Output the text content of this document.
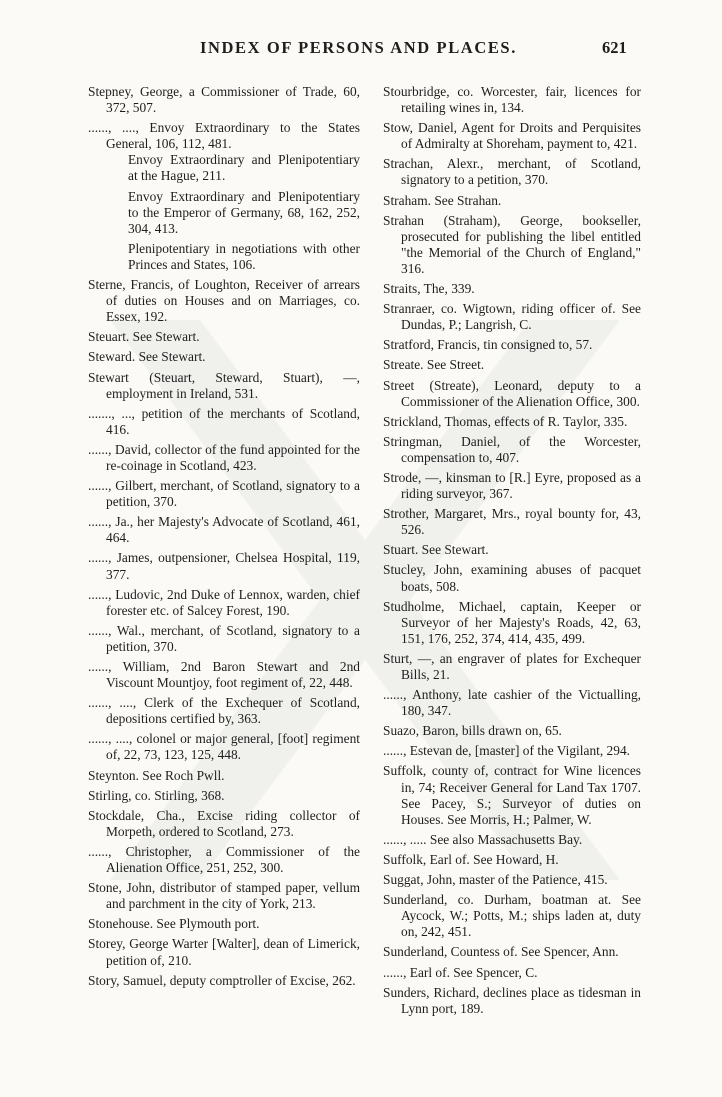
INDEX OF PERSONS AND PLACES.	621

Stepney, George, a Commissioner of Trade, 60, 372, 507.

......, ...., Envoy Extraordinary to the States General, 106, 112, 481.

Envoy Extraordinary and Plenipotentiary at the Hague, 211.

Envoy Extraordinary and Plenipotentiary to the Emperor of Germany, 68, 162, 252, 304, 413.

Plenipotentiary in negotiations with other Princes and States, 106.

Sterne, Francis, of Loughton, Receiver of arrears of duties on Houses and on Marriages, co. Essex, 192.

Steuart. See Stewart.

Steward. See Stewart.

Stewart (Steuart, Steward, Stuart), —, employment in Ireland, 531.

......., ..., petition of the merchants of Scotland, 416.

......, David, collector of the fund appointed for the re-coinage in Scotland, 423.

......, Gilbert, merchant, of Scotland, signatory to a petition, 370.

......, Ja., her Majesty's Advocate of Scotland, 461, 464.

......, James, outpensioner, Chelsea Hospital, 119, 377.

......, Ludovic, 2nd Duke of Lennox, warden, chief forester etc. of Salcey Forest, 190.

......, Wal., merchant, of Scotland, signatory to a petition, 370.

......, William, 2nd Baron Stewart and 2nd Viscount Mountjoy, foot regiment of, 22, 448.

......, ...., Clerk of the Exchequer of Scotland, depositions certified by, 363.

......, ...., colonel or major general, [foot] regiment of, 22, 73, 123, 125, 448.

Steynton. See Roch Pwll.

Stirling, co. Stirling, 368.

Stockdale, Cha., Excise riding collector of Morpeth, ordered to Scotland, 273.

......, Christopher, a Commissioner of the Alienation Office, 251, 252, 300.

Stone, John, distributor of stamped paper, vellum and parchment in the city of York, 213.

Stonehouse. See Plymouth port.

Storey, George Warter [Walter], dean of Limerick, petition of, 210.

Story, Samuel, deputy comptroller of Excise, 262.

Stourbridge, co. Worcester, fair, licences for retailing wines in, 134.

Stow, Daniel, Agent for Droits and Perquisites of Admiralty at Shoreham, payment to, 421.

Strachan, Alexr., merchant, of Scotland, signatory to a petition, 370.

Straham. See Strahan.

Strahan (Straham), George, bookseller, prosecuted for publishing the libel entitled "the Memorial of the Church of England," 316.

Straits, The, 339.

Stranraer, co. Wigtown, riding officer of. See Dundas, P.; Langrish, C.

Stratford, Francis, tin consigned to, 57.

Streate. See Street.

Street (Streate), Leonard, deputy to a Commissioner of the Alienation Office, 300.

Strickland, Thomas, effects of R. Taylor, 335.

Stringman, Daniel, of the Worcester, compensation to, 407.

Strode, —, kinsman to [R.] Eyre, proposed as a riding surveyor, 367.

Strother, Margaret, Mrs., royal bounty for, 43, 526.

Stuart. See Stewart.

Stucley, John, examining abuses of pacquet boats, 508.

Studholme, Michael, captain, Keeper or Surveyor of her Majesty's Roads, 42, 63, 151, 176, 252, 374, 414, 435, 499.

Sturt, —, an engraver of plates for Exchequer Bills, 21.

......, Anthony, late cashier of the Victualling, 180, 347.

Suazo, Baron, bills drawn on, 65.

......, Estevan de, [master] of the Vigilant, 294.

Suffolk, county of, contract for Wine licences in, 74; Receiver General for Land Tax 1707. See Pacey, S.; Surveyor of duties on Houses. See Morris, H.; Palmer, W.

......, ..... See also Massachusetts Bay.

Suffolk, Earl of. See Howard, H.

Suggat, John, master of the Patience, 415.

Sunderland, co. Durham, boatman at. See Aycock, W.; Potts, M.; ships laden at, duty on, 242, 451.

Sunderland, Countess of. See Spencer, Ann.

......, Earl of. See Spencer, C.

Sunders, Richard, declines place as tidesman in Lynn port, 189.
